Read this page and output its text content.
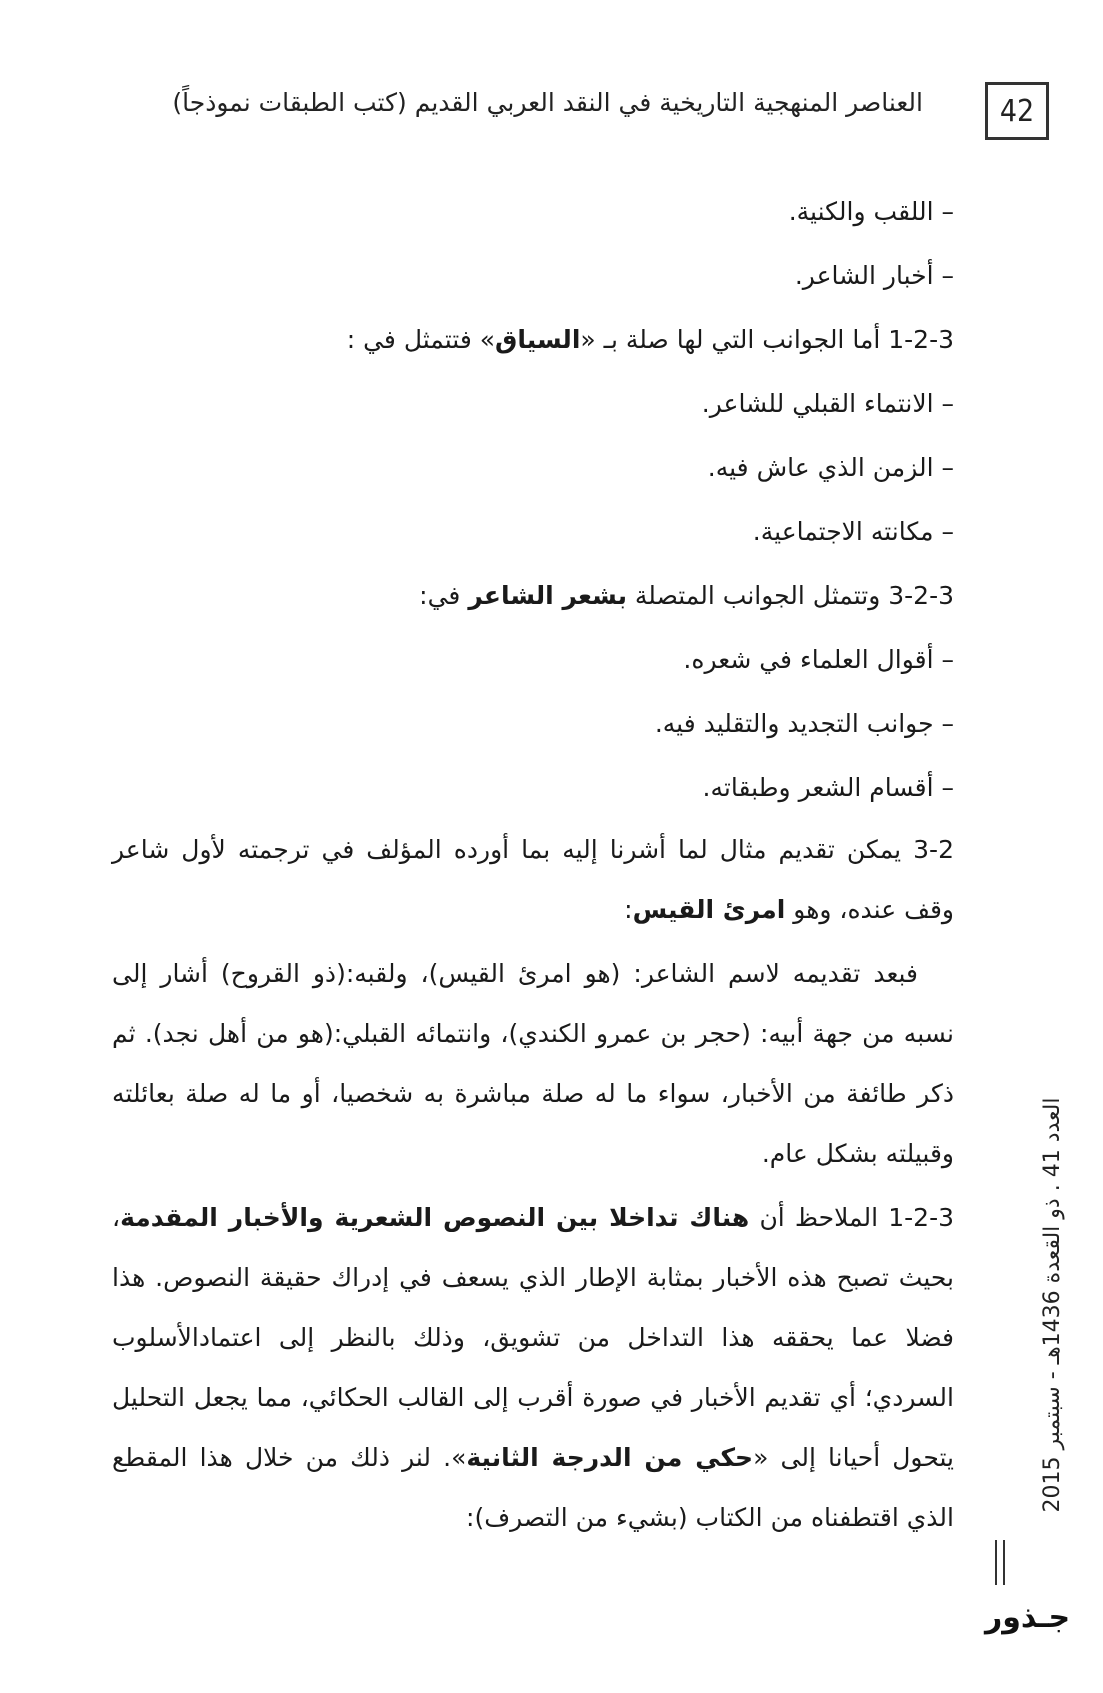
42
العناصر المنهجية التاريخية في النقد العربي القديم (كتب الطبقات نموذجاً)

– اللقب والكنية.

– أخبار الشاعر.

1-2-3 أما الجوانب التي لها صلة بـ «السياق» فتتمثل في :

– الانتماء القبلي للشاعر.

– الزمن الذي عاش فيه.

– مكانته الاجتماعية.

3-2-3 وتتمثل الجوانب المتصلة بشعر الشاعر في:

– أقوال العلماء في شعره.

– جوانب التجديد والتقليد فيه.

– أقسام الشعر وطبقاته.

3-2 يمكن تقديم مثال لما أشرنا إليه بما أورده المؤلف في ترجمته لأول شاعر وقف عنده، وهو امرئ القيس:

فبعد تقديمه لاسم الشاعر: (هو امرئ القيس)، ولقبه:(ذو القروح) أشار إلى نسبه من جهة أبيه: (حجر بن عمرو الكندي)، وانتمائه القبلي:(هو من أهل نجد). ثم ذكر طائفة من الأخبار، سواء ما له صلة مباشرة به شخصيا، أو ما له صلة بعائلته وقبيلته بشكل عام.

1-2-3 الملاحظ أن هناك تداخلا بين النصوص الشعرية والأخبار المقدمة، بحيث تصبح هذه الأخبار بمثابة الإطار الذي يسعف في إدراك حقيقة النصوص. هذا فضلا عما يحققه هذا التداخل من تشويق، وذلك بالنظر إلى اعتمادالأسلوب السردي؛ أي تقديم الأخبار في صورة أقرب إلى القالب الحكائي، مما يجعل التحليل يتحول أحيانا إلى «حكي من الدرجة الثانية». لنر ذلك من خلال هذا المقطع الذي اقتطفناه من الكتاب (بشيء من التصرف):

العدد 41 . ذو القعدة 1436هـ - سبتمبر 2015
جـذور
